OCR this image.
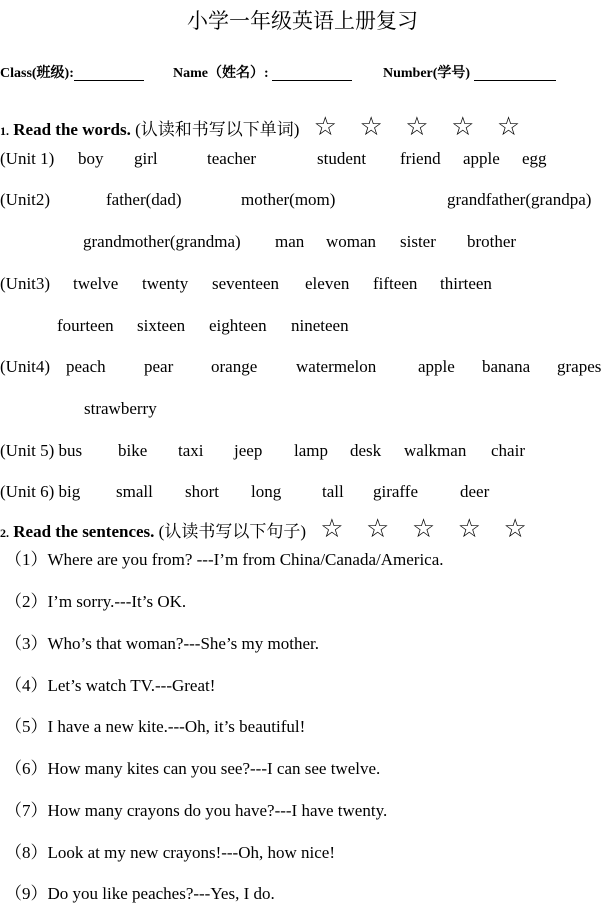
小学一年级英语上册复习
Class(班级):	Name（姓名）:	Number(学号)
1. Read the words. (认读和书写以下单词) ☆ ☆ ☆ ☆ ☆
(Unit 1) boy girl	teacher	student friend apple egg
(Unit2)	father(dad)	mother(mom)	grandfather(grandpa)
grandmother(grandma) man woman sister brother
(Unit3) twelve twenty seventeen eleven fifteen thirteen
fourteen sixteen eighteen nineteen
(Unit4) peach pear orange watermelon apple banana grapes
strawberry
(Unit 5) bus bike taxi jeep lamp desk walkman chair
(Unit 6) big small short long tall giraffe deer
2. Read the sentences. (认读书写以下句子) ☆ ☆ ☆ ☆ ☆
（1）Where are you from? ---I’m from China/Canada/America.
（2）I’m sorry.---It’s OK.
（3）Who’s that woman?---She’s my mother.
（4）Let’s watch TV.---Great!
（5）I have a new kite.---Oh, it’s beautiful!
（6）How many kites can you see?---I can see twelve.
（7）How many crayons do you have?---I have twenty.
（8）Look at my new crayons!---Oh, how nice!
（9）Do you like peaches?---Yes, I do.
